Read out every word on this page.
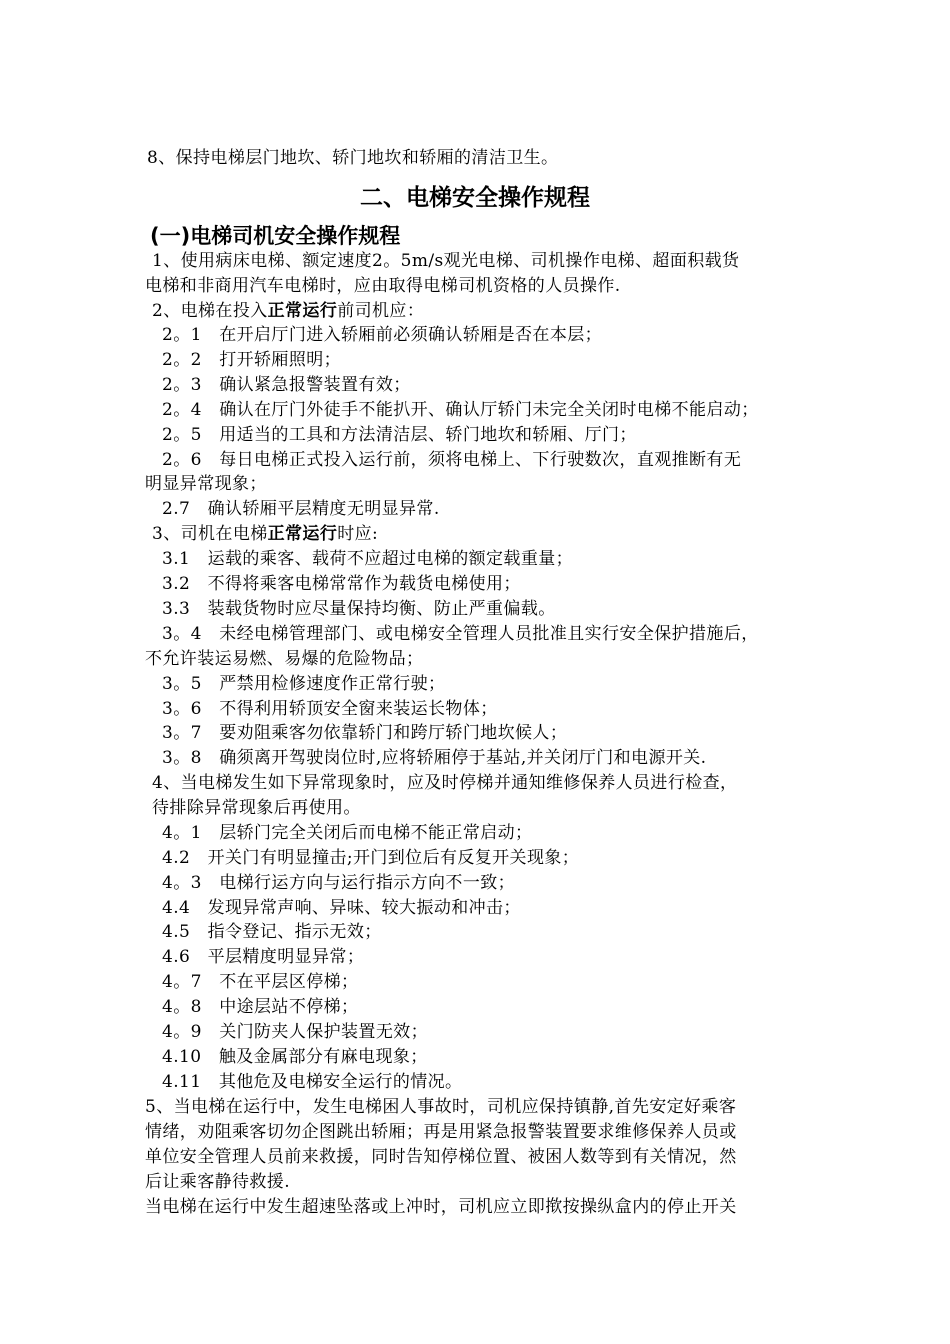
8、保持电梯层门地坎、轿门地坎和轿厢的清洁卫生。
二、电梯安全操作规程
(一)电梯司机安全操作规程
1、使用病床电梯、额定速度2。5m/s观光电梯、司机操作电梯、超面积载货
电梯和非商用汽车电梯时，应由取得电梯司机资格的人员操作.
2、电梯在投入正常运行前司机应：
2。1　在开启厅门进入轿厢前必须确认轿厢是否在本层；
2。2　打开轿厢照明；
2。3　确认紧急报警装置有效；
2。4　确认在厅门外徒手不能扒开、确认厅轿门未完全关闭时电梯不能启动；
2。5　用适当的工具和方法清洁层、轿门地坎和轿厢、厅门；
2。6　每日电梯正式投入运行前，须将电梯上、下行驶数次，直观推断有无
明显异常现象；
2.7　确认轿厢平层精度无明显异常.
3、司机在电梯正常运行时应:
3.1　运载的乘客、载荷不应超过电梯的额定载重量；
3.2　不得将乘客电梯常常作为载货电梯使用；
3.3　装载货物时应尽量保持均衡、防止严重偏载。
3。4　未经电梯管理部门、或电梯安全管理人员批准且实行安全保护措施后，
不允许装运易燃、易爆的危险物品；
3。5　严禁用检修速度作正常行驶；
3。6　不得利用轿顶安全窗来装运长物体；
3。7　要劝阻乘客勿依靠轿门和跨厅轿门地坎候人；
3。8　确须离开驾驶岗位时,应将轿厢停于基站,并关闭厅门和电源开关.
4、当电梯发生如下异常现象时，应及时停梯并通知维修保养人员进行检查，
待排除异常现象后再使用。
4。1　层轿门完全关闭后而电梯不能正常启动；
4.2　开关门有明显撞击;开门到位后有反复开关现象；
4。3　电梯行运方向与运行指示方向不一致；
4.4　发现异常声响、异味、较大振动和冲击；
4.5　指令登记、指示无效；
4.6　平层精度明显异常；
4。7　不在平层区停梯；
4。8　中途层站不停梯；
4。9　关门防夹人保护装置无效；
4.10　触及金属部分有麻电现象；
4.11　其他危及电梯安全运行的情况。
5、当电梯在运行中，发生电梯困人事故时，司机应保持镇静,首先安定好乘客
情绪，劝阻乘客切勿企图跳出轿厢；再是用紧急报警装置要求维修保养人员或
单位安全管理人员前来救援，同时告知停梯位置、被困人数等到有关情况，然
后让乘客静待救援.
当电梯在运行中发生超速坠落或上冲时，司机应立即揿按操纵盒内的停止开关
